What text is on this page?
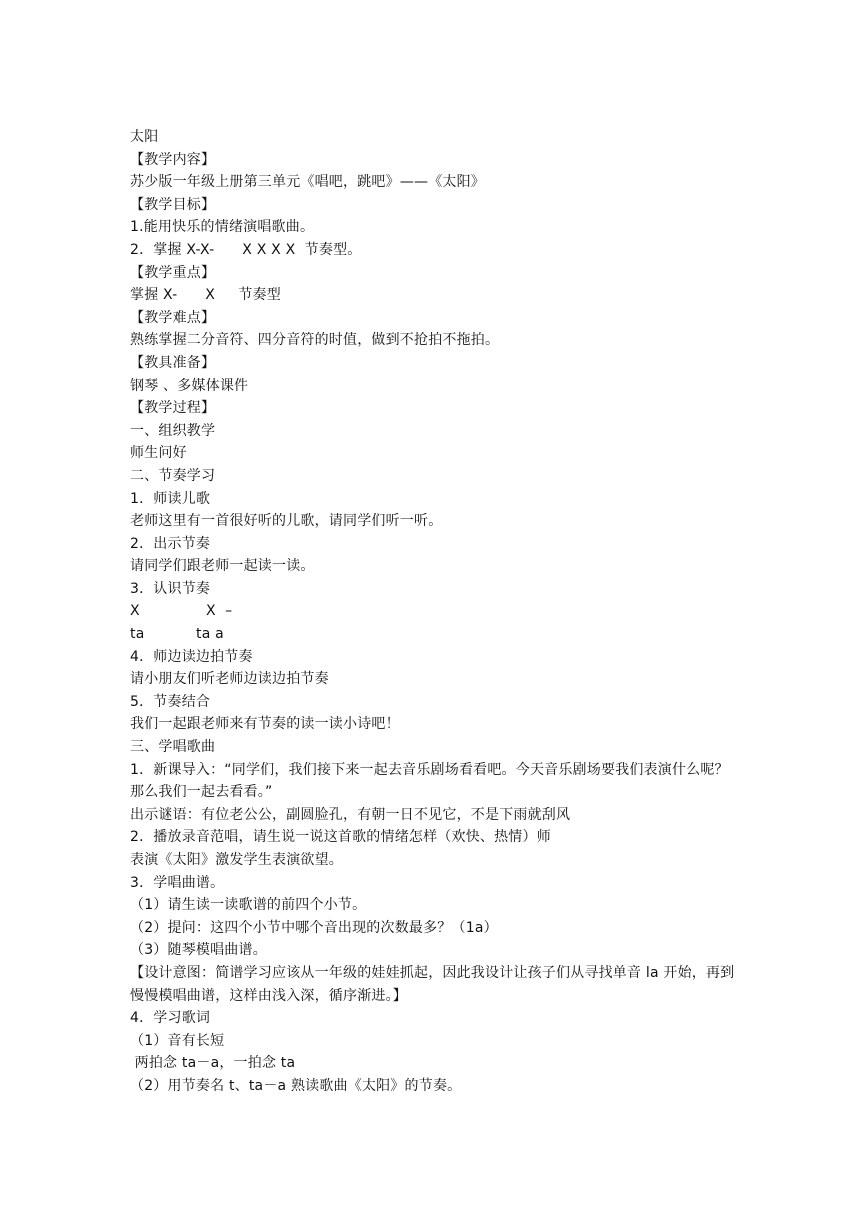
太阳
【教学内容】
苏少版一年级上册第三单元《唱吧，跳吧》——《太阳》
【教学目标】
1.能用快乐的情绪演唱歌曲。
2．掌握 X-X-      X X X X  节奏型。
【教学重点】
掌握 X-      X     节奏型
【教学难点】
熟练掌握二分音符、四分音符的时值，做到不抢拍不拖拍。
【教具准备】
钢琴 、多媒体课件
【教学过程】
一、组织教学
师生问好
二、节奏学习
1．师读儿歌
老师这里有一首很好听的儿歌，请同学们听一听。
2．出示节奏
请同学们跟老师一起读一读。
3．认识节奏
X	X  –
ta	ta a
4．师边读边拍节奏
请小朋友们听老师边读边拍节奏
5．节奏结合
我们一起跟老师来有节奏的读一读小诗吧！
三、学唱歌曲
1．新课导入：“同学们，我们接下来一起去音乐剧场看看吧。今天音乐剧场要我们表演什么呢？那么我们一起去看看。”
出示谜语：有位老公公，副圆脸孔，有朝一日不见它，不是下雨就刮风
2．播放录音范唱，请生说一说这首歌的情绪怎样（欢快、热情）师
表演《太阳》激发学生表演欲望。
3．学唱曲谱。
（1）请生读一读歌谱的前四个小节。
（2）提问：这四个小节中哪个音出现的次数最多？（1a）
（3）随琴模唱曲谱。
【设计意图：简谱学习应该从一年级的娃娃抓起，因此我设计让孩子们从寻找单音 la 开始，再到慢慢模唱曲谱，这样由浅入深，循序渐进。】
4．学习歌词
（1）音有长短
两拍念 ta－a，一拍念 ta
（2）用节奏名 t、ta－a 熟读歌曲《太阳》的节奏。
